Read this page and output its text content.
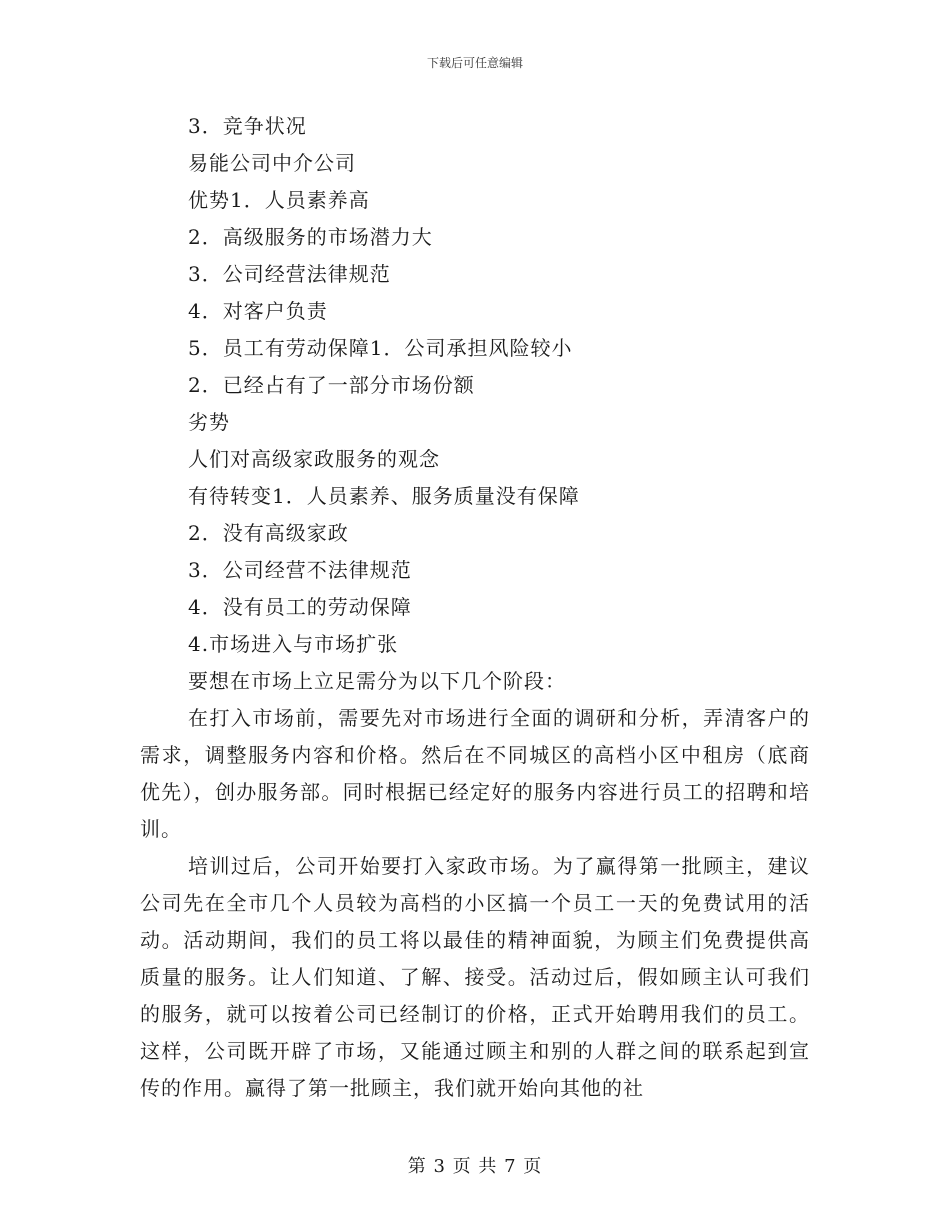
下载后可任意编辑

3．竞争状况

易能公司中介公司

优势1．人员素养高

2．高级服务的市场潜力大

3．公司经营法律规范

4．对客户负责

5．员工有劳动保障1．公司承担风险较小

2．已经占有了一部分市场份额

劣势

人们对高级家政服务的观念

有待转变1．人员素养、服务质量没有保障

2．没有高级家政

3．公司经营不法律规范

4．没有员工的劳动保障

4.市场进入与市场扩张

要想在市场上立足需分为以下几个阶段：

在打入市场前，需要先对市场进行全面的调研和分析，弄清客户的需求，调整服务内容和价格。然后在不同城区的高档小区中租房（底商优先），创办服务部。同时根据已经定好的服务内容进行员工的招聘和培训。

培训过后，公司开始要打入家政市场。为了赢得第一批顾主，建议公司先在全市几个人员较为高档的小区搞一个员工一天的免费试用的活动。活动期间，我们的员工将以最佳的精神面貌，为顾主们免费提供高质量的服务。让人们知道、了解、接受。活动过后，假如顾主认可我们的服务，就可以按着公司已经制订的价格，正式开始聘用我们的员工。这样，公司既开辟了市场，又能通过顾主和别的人群之间的联系起到宣传的作用。赢得了第一批顾主，我们就开始向其他的社

第 3 页 共 7 页
